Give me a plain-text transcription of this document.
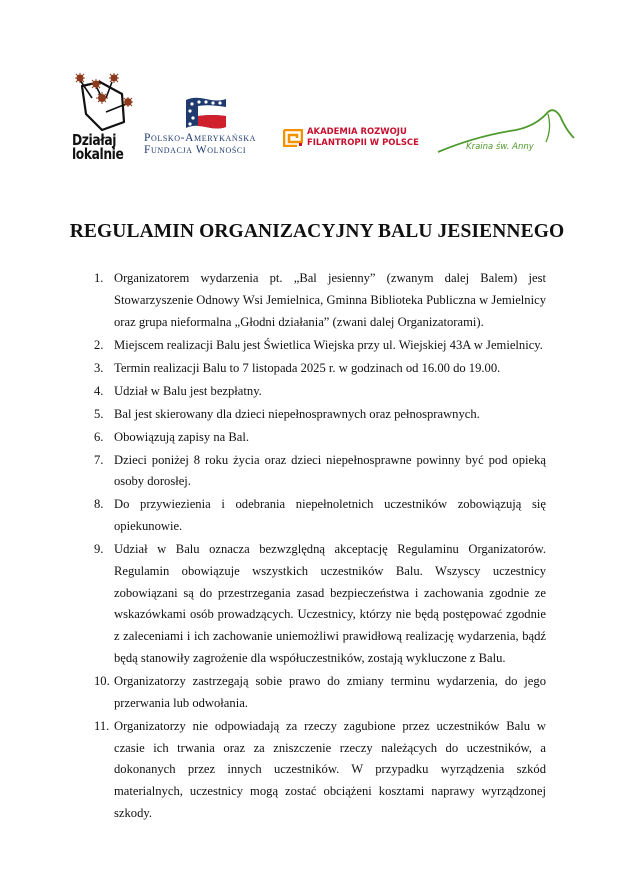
Działaj
lokalnie
Polsko-Amerykańska
Fundacja Wolności
AKADEMIA ROZWOJU
FILANTROPII W POLSCE	Kraina św. Anny
REGULAMIN ORGANIZACYJNY BALU JESIENNEGO
1. Organizatorem wydarzenia pt. „Bal jesienny” (zwanym dalej Balem) jest Stowarzyszenie Odnowy Wsi Jemielnica, Gminna Biblioteka Publiczna w Jemielnicy oraz grupa nieformalna „Głodni działania” (zwani dalej Organizatorami).
2. Miejscem realizacji Balu jest Świetlica Wiejska przy ul. Wiejskiej 43A w Jemielnicy.
3. Termin realizacji Balu to 7 listopada 2025 r. w godzinach od 16.00 do 19.00.
4. Udział w Balu jest bezpłatny.
5. Bal jest skierowany dla dzieci niepełnosprawnych oraz pełnosprawnych.
6. Obowiązują zapisy na Bal.
7. Dzieci poniżej 8 roku życia oraz dzieci niepełnosprawne powinny być pod opieką osoby dorosłej.
8. Do przywiezienia i odebrania niepełnoletnich uczestników zobowiązują się opiekunowie.
9. Udział w Balu oznacza bezwzględną akceptację Regulaminu Organizatorów. Regulamin obowiązuje wszystkich uczestników Balu. Wszyscy uczestnicy zobowiązani są do przestrzegania zasad bezpieczeństwa i zachowania zgodnie ze wskazówkami osób prowadzących. Uczestnicy, którzy nie będą postępować zgodnie z zaleceniami i ich zachowanie uniemożliwi prawidłową realizację wydarzenia, bądź będą stanowiły zagrożenie dla współuczestników, zostają wykluczone z Balu.
10. Organizatorzy zastrzegają sobie prawo do zmiany terminu wydarzenia, do jego przerwania lub odwołania.
11. Organizatorzy nie odpowiadają za rzeczy zagubione przez uczestników Balu w czasie ich trwania oraz za zniszczenie rzeczy należących do uczestników, a dokonanych przez innych uczestników. W przypadku wyrządzenia szkód materialnych, uczestnicy mogą zostać obciążeni kosztami naprawy wyrządzonej szkody.
